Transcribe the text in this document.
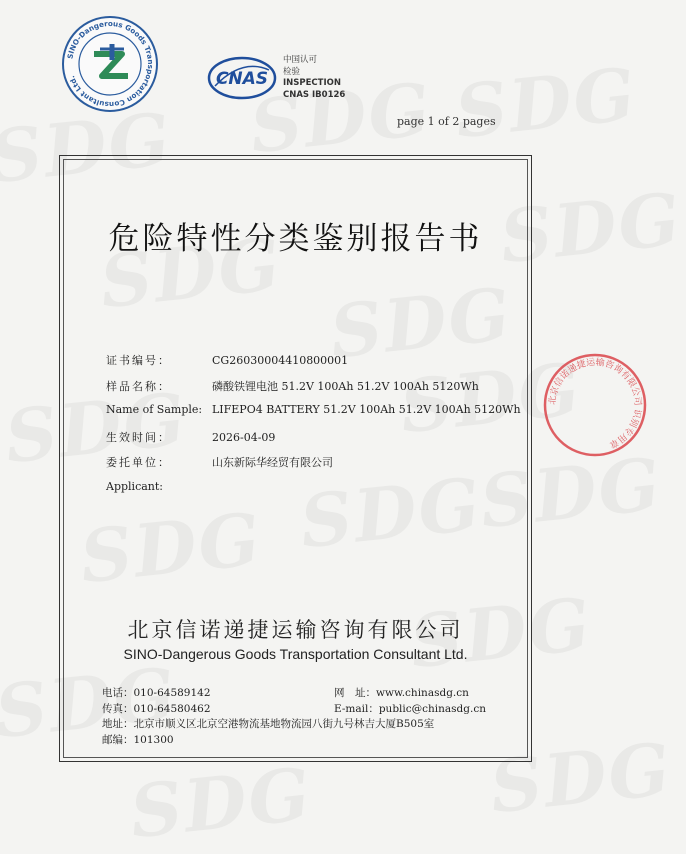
SINO-Dangerous Goods Transportation Consultant Ltd.	CNAS
中国认可
检验
INSPECTION
CNAS IB0126
page 1 of 2 pages
危险特性分类鉴别报告书
证书编号：	CG26030004410800001
样品名称：	磷酸铁锂电池 51.2V 100Ah 51.2V 100Ah 5120Wh
Name of Sample: LIFEPO4 BATTERY 51.2V 100Ah 51.2V 100Ah 5120Wh
生效时间：	2026-04-09
委托单位：	山东新际华经贸有限公司
Applicant:
北京信诺递捷运输咨询有限公司
SINO-Dangerous Goods Transportation Consultant Ltd.
电话：010-64589142	网　址：www.chinasdg.cn
传真：010-64580462	E-mail：public@chinasdg.cn
地址：北京市顺义区北京空港物流基地物流园八街九号林吉大厦B505室
邮编：101300
北京信诺递捷运输咨询有限公司 识别专用章
